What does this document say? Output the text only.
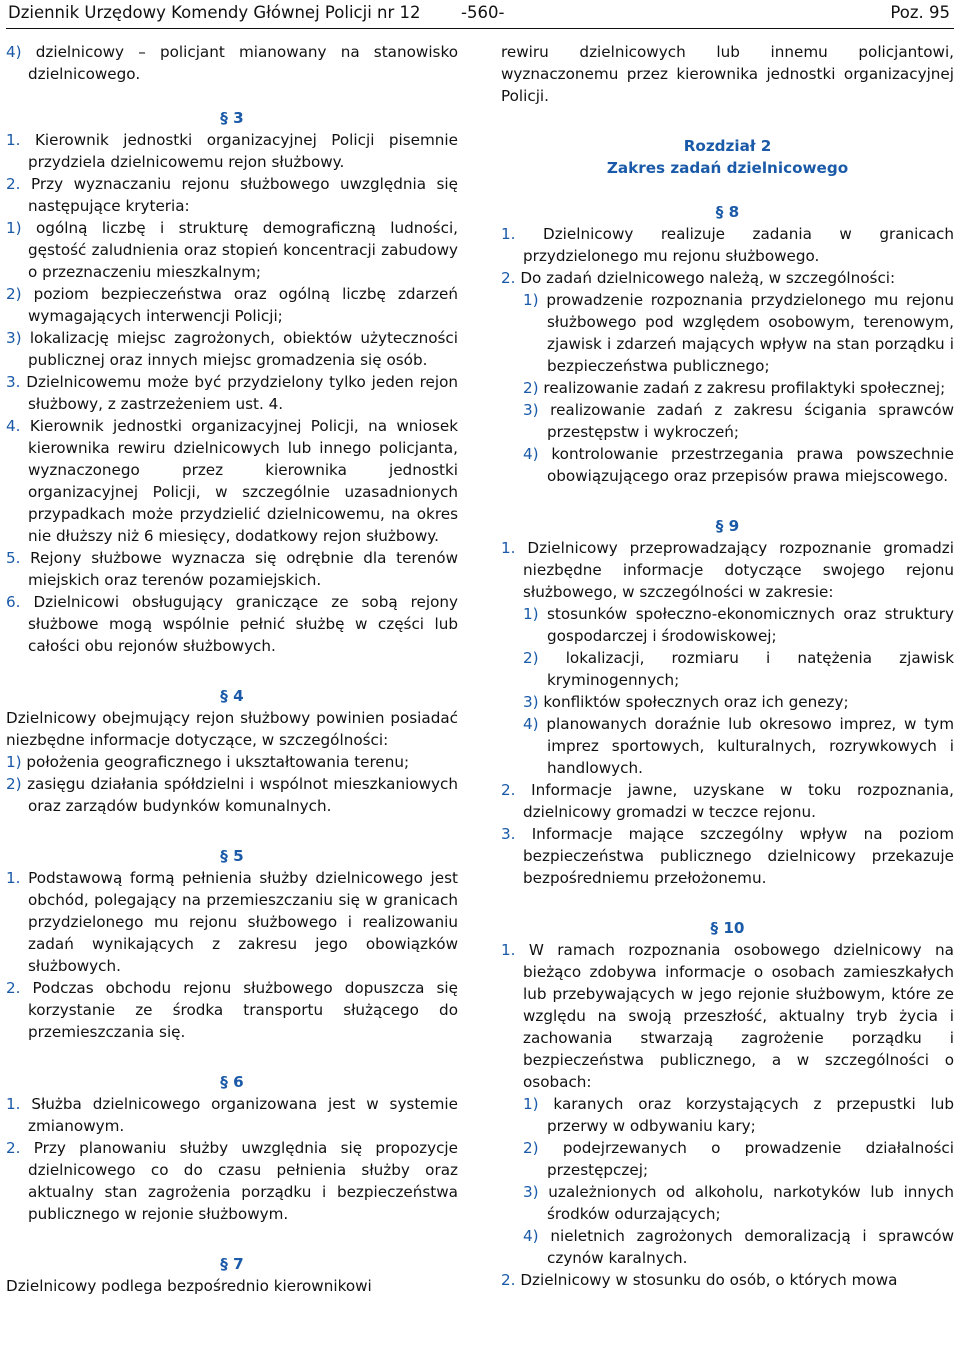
Dziennik Urzędowy Komendy Głównej Policji nr 12 -560-	Poz. 95

4) dzielnicowy – policjant mianowany na stanowisko dzielnicowego.

§ 3

1. Kierownik jednostki organizacyjnej Policji pisemnie przydziela dzielnicowemu rejon służbowy.

2. Przy wyznaczaniu rejonu służbowego uwzględnia się następujące kryteria:

1) ogólną liczbę i strukturę demograficzną ludności, gęstość zaludnienia oraz stopień koncentracji zabudowy o przeznaczeniu mieszkalnym;

2) poziom bezpieczeństwa oraz ogólną liczbę zdarzeń wymagających interwencji Policji;

3) lokalizację miejsc zagrożonych, obiektów użyteczności publicznej oraz innych miejsc gromadzenia się osób.

3. Dzielnicowemu może być przydzielony tylko jeden rejon służbowy, z zastrzeżeniem ust. 4.

4. Kierownik jednostki organizacyjnej Policji, na wniosek kierownika rewiru dzielnicowych lub innego policjanta, wyznaczonego przez kierownika jednostki organizacyjnej Policji, w szczególnie uzasadnionych przypadkach może przydzielić dzielnicowemu, na okres nie dłuższy niż 6 miesięcy, dodatkowy rejon służbowy.

5. Rejony służbowe wyznacza się odrębnie dla terenów miejskich oraz terenów pozamiejskich.

6. Dzielnicowi obsługujący graniczące ze sobą rejony służbowe mogą wspólnie pełnić służbę w części lub całości obu rejonów służbowych.

§ 4

Dzielnicowy obejmujący rejon służbowy powinien posiadać niezbędne informacje dotyczące, w szczególności:

1) położenia geograficznego i ukształtowania terenu;

2) zasięgu działania spółdzielni i wspólnot mieszkaniowych oraz zarządów budynków komunalnych.

§ 5

1. Podstawową formą pełnienia służby dzielnicowego jest obchód, polegający na przemieszczaniu się w granicach przydzielonego mu rejonu służbowego i realizowaniu zadań wynikających z zakresu jego obowiązków służbowych.

2. Podczas obchodu rejonu służbowego dopuszcza się korzystanie ze środka transportu służącego do przemieszczania się.

§ 6

1. Służba dzielnicowego organizowana jest w systemie zmianowym.

2. Przy planowaniu służby uwzględnia się propozycje dzielnicowego co do czasu pełnienia służby oraz aktualny stan zagrożenia porządku i bezpieczeństwa publicznego w rejonie służbowym.

§ 7

Dzielnicowy podlega bezpośrednio kierownikowi

rewiru dzielnicowych lub innemu policjantowi, wyznaczonemu przez kierownika jednostki organizacyjnej Policji.

Rozdział 2

Zakres zadań dzielnicowego

§ 8

1. Dzielnicowy realizuje zadania w granicach przydzielonego mu rejonu służbowego.

2. Do zadań dzielnicowego należą, w szczególności:

1) prowadzenie rozpoznania przydzielonego mu rejonu służbowego pod względem osobowym, terenowym, zjawisk i zdarzeń mających wpływ na stan porządku i bezpieczeństwa publicznego;

2) realizowanie zadań z zakresu profilaktyki społecznej;

3) realizowanie zadań z zakresu ścigania sprawców przestępstw i wykroczeń;

4) kontrolowanie przestrzegania prawa powszechnie obowiązującego oraz przepisów prawa miejscowego.

§ 9

1. Dzielnicowy przeprowadzający rozpoznanie gromadzi niezbędne informacje dotyczące swojego rejonu służbowego, w szczególności w zakresie:

1) stosunków społeczno-ekonomicznych oraz struktury gospodarczej i środowiskowej;

2) lokalizacji, rozmiaru i natężenia zjawisk kryminogennych;

3) konfliktów społecznych oraz ich genezy;

4) planowanych doraźnie lub okresowo imprez, w tym imprez sportowych, kulturalnych, rozrywkowych i handlowych.

2. Informacje jawne, uzyskane w toku rozpoznania, dzielnicowy gromadzi w teczce rejonu.

3. Informacje mające szczególny wpływ na poziom bezpieczeństwa publicznego dzielnicowy przekazuje bezpośredniemu przełożonemu.

§ 10

1. W ramach rozpoznania osobowego dzielnicowy na bieżąco zdobywa informacje o osobach zamieszkałych lub przebywających w jego rejonie służbowym, które ze względu na swoją przeszłość, aktualny tryb życia i zachowania stwarzają zagrożenie porządku i bezpieczeństwa publicznego, a w szczególności o osobach:

1) karanych oraz korzystających z przepustki lub przerwy w odbywaniu kary;

2) podejrzewanych o prowadzenie działalności przestępczej;

3) uzależnionych od alkoholu, narkotyków lub innych środków odurzających;

4) nieletnich zagrożonych demoralizacją i sprawców czynów karalnych.

2. Dzielnicowy w stosunku do osób, o których mowa
